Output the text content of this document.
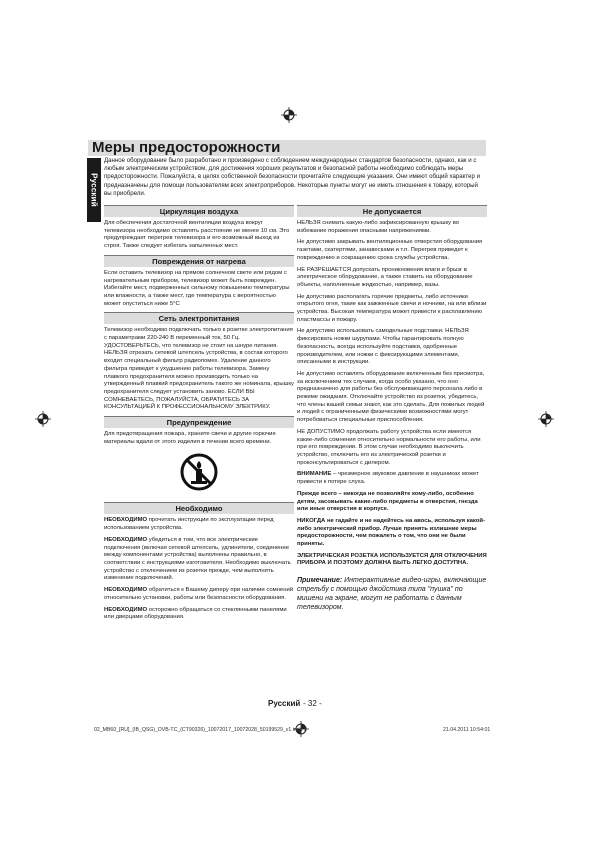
Меры предосторожности
Русский
Данное оборудование было разработано и произведено с соблюдением международных стандартов безопасности, однако, как и с любым электрическим устройством, для достижения хороших результатов и безопасной работы необходимо соблюдать меры предосторожности. Пожалуйста, в целях собственной безопасности прочитайте следующие указания. Они имеют общий характер и предназначены для помощи пользователям всех электроприборов. Некоторые пункты могут не иметь отношения к товару, который вы приобрели.
Циркуляция воздуха

Для обеспечения достаточной вентиляции воздуха вокруг телевизора необходимо оставлять расстояние не менее 10 см. Это предупреждает перегрев телевизора и его возможный выход из строя. Также следует избегать запыленных мест.

Повреждения от нагрева

Если оставить телевизор на прямом солнечном свете или рядом с нагревательным прибором, телевизор может быть поврежден. Избегайте мест, подверженных сильному повышению температуры или влажности, а также мест, где температура с вероятностью может опуститься ниже 5°C

Сеть электропитания

Телевизор необходимо подключать только к розетке электропитания с параметрами 220-240 В переменный ток, 50 Гц. УДОСТОВЕРЬТЕСЬ, что телевизор не стоит на шнуре питания. НЕЛЬЗЯ отрезать сетевой штепсель устройства, в состав которого входит специальный фильтр радиопомех. Удаление данного фильтра приведет к ухудшению работы телевизора. Замену плавкого предохранителя можно производить только на утвержденный плавкий предохранитель такого же номинала, крышку предохранителя следует установить заново. ЕСЛИ ВЫ СОМНЕВАЕТЕСЬ, ПОЖАЛУЙСТА, ОБРАТИТЕСЬ ЗА КОНСУЛЬТАЦИЕЙ К ПРОФЕССИОНАЛЬНОМУ ЭЛЕКТРИКУ.

Предупреждение

Для предотвращения пожара, храните свечи и другие горючие материалы вдали от этого изделия в течении всего времени.

Необходимо

НЕОБХОДИМО прочитать инструкции по эксплуатации перед использованием устройства.

НЕОБХОДИМО убедиться в том, что все электрические подключения (включая сетевой штепсель, удлинители, соединение между компонентами устройства) выполнены правильно, в соответствии с инструкциями изготовителя. Необходимо выключать устройство с отключением из розетки прежде, чем выполнять изменение подключений.

НЕОБХОДИМО обратиться к Вашему диперу при наличии сомнений относительно установки, работы или безопасности оборудования.

НЕОБХОДИМО осторожно обращаться со стеклянными панелями или дверцами оборудования.

Не допускается

НЕЛЬЗЯ снимать какую-либо зафиксированную крышку во избежание поражения опасными напряжениями.

Не допустимо закрывать вентиляционные отверстия оборудования газетами, скатертями, занавесками и т.п. Перегрев приведет к повреждению и сокращению срока службы устройства.

НЕ РАЗРЕШАЕТСЯ допускать проникновения влаги и брызг в электрическое оборудование, а также ставить на оборудование объекты, наполненные жидкостью, например, вазы.

Не допустимо располагать горячие предметы, либо источники открытого огня, такие как зажженные свечи и ночники, на или вблизи устройства. Высокая температура может привести к расплавлению пластмассы и пожару.

Не допустимо использовать самодельные подставки. НЕЛЬЗЯ фиксировать ножки шурупами. Чтобы гарантировать полную безопасность, всегда используйте подставки, одобренные производителем, или ножки с фиксирующими элементами, описанными в инструкции.

Не допустимо оставлять оборудование включенным без присмотра, за исключением тех случаев, когда особо указано, что оно предназначено для работы без обслуживающего персонала либо в режиме ожидания. Отключайте устройство из розетки, убедитесь, что члены вашей семьи знают, как это сделать. Для пожилых людей и людей с ограниченными физическими возможностями могут потребоваться специальные приспособления.

НЕ ДОПУСТИМО продолжать работу устройства если имеются какие-либо сомнения относительно нормальности его работы, или при его повреждении. В этом случае необходимо выключить устройство, отключить его из электрической розетки и проконсультироваться с дилером.

ВНИМАНИЕ – чрезмерное звуковое давление в наушниках может привести к потере слуха.

Прежде всего – никогда не позволяйте кому-либо, особенно детям, засовывать какие-либо предметы в отверстия, гнезда или иные отверстия в корпусе.

НИКОГДА не гадайте и не надейтесь на авось, используя какой-либо электрический прибор. Лучше принять излишние меры предосторожности, чем пожалеть о том, что они не были приняты.

ЭЛЕКТРИЧЕСКАЯ РОЗЕТКА ИСПОЛЬЗУЕТСЯ ДЛЯ ОТКЛЮЧЕНИЯ ПРИБОРА И ПОЭТОМУ ДОЛЖНА БЫТЬ ЛЕГКО ДОСТУПНА.

Примечание: Интерактивные видео-игры, включающие стрельбу с помощью джойстика типа "пушка" по мишени на экране, могут не работать с данным телевизором.

Русский - 32 -
02_MB60_[RU]_(IB_QSG)_DVB-TC_(CT90326)_10072017_10072028_50199529_v1.indd 2	21.04.2011 10:54:01
